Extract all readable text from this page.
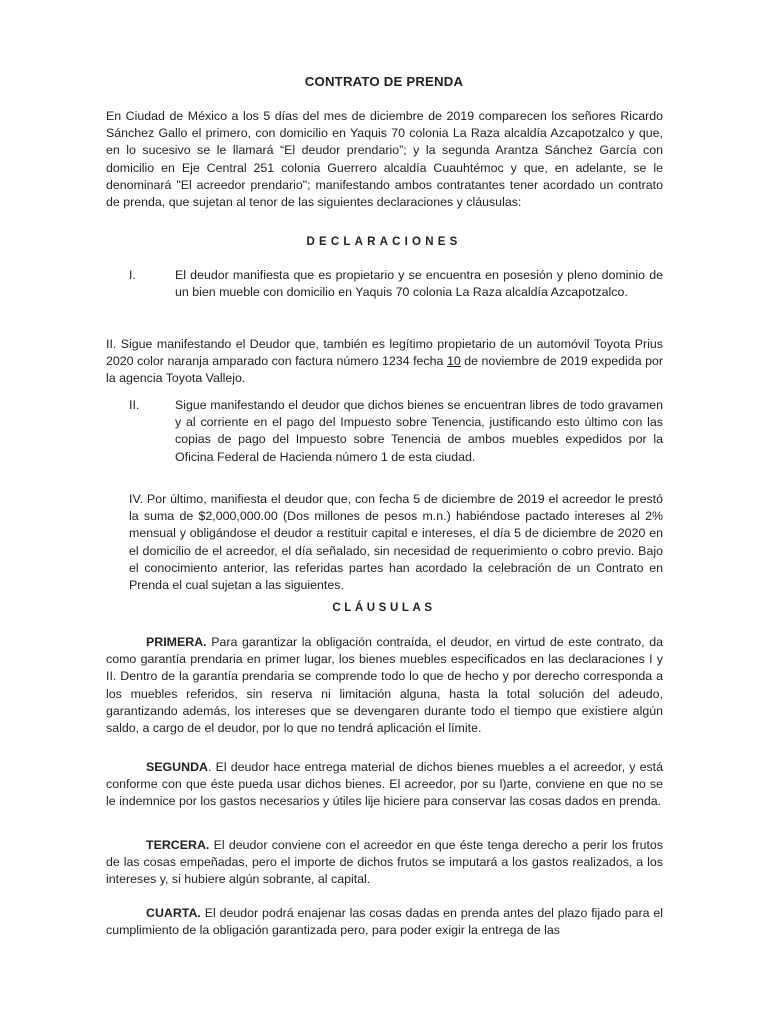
CONTRATO DE PRENDA
En Ciudad de México a los 5 días del mes de diciembre de 2019 comparecen los señores Ricardo Sánchez Gallo el primero, con domicilio en Yaquis 70 colonia La Raza alcaldía Azcapotzalco y que, en lo sucesivo se le llamará “El deudor prendario”; y la segunda Arantza Sánchez García con domicilio en Eje Central 251 colonia Guerrero alcaldía Cuauhtémoc y que, en adelante, se le denominará "El acreedor prendario"; manifestando ambos contratantes tener acordado un contrato de prenda, que sujetan al tenor de las siguientes declaraciones y cláusulas:
DECLARACIONES
I.	El deudor manifiesta que es propietario y se encuentra en posesión y pleno dominio de un bien mueble con domicilio en Yaquis 70 colonia La Raza alcaldía Azcapotzalco.
II. Sigue manifestando el Deudor que, también es legítimo propietario de un automóvil Toyota Prius 2020 color naranja amparado con factura número 1234 fecha 10 de noviembre de 2019 expedida por la agencia Toyota Vallejo.
II.	Sigue manifestando el deudor que dichos bienes se encuentran libres de todo gravamen y al corriente en el pago del Impuesto sobre Tenencia, justificando esto último con las copias de pago del Impuesto sobre Tenencia de ambos muebles expedidos por la Oficina Federal de Hacienda número 1 de esta ciudad.
IV. Por último, manifiesta el deudor que, con fecha 5 de diciembre de 2019 el acreedor le prestó la suma de $2,000,000.00 (Dos millones de pesos m.n.) habiéndose pactado intereses al 2% mensual y obligándose el deudor a restituir capital e intereses, el día 5 de diciembre de 2020 en el domicilio de el acreedor, el día señalado, sin necesidad de requerimiento o cobro previo. Bajo el conocimiento anterior, las referidas partes han acordado la celebración de un Contrato en Prenda el cual sujetan a las siguientes.
CLÁUSULAS
PRIMERA. Para garantizar la obligación contraída, el deudor, en virtud de este contrato, da como garantía prendaria en primer lugar, los bienes muebles especificados en las declaraciones I y II. Dentro de la garantía prendaria se comprende todo lo que de hecho y por derecho corresponda a los muebles referidos, sin reserva ni limitación alguna, hasta la total solución del adeudo, garantizando además, los intereses que se devengaren durante todo el tiempo que existiere algún saldo, a cargo de el deudor, por lo que no tendrá aplicación el límite.
SEGUNDA. El deudor hace entrega material de dichos bienes muebles a el acreedor, y está conforme con que éste pueda usar dichos bienes. El acreedor, por su l)arte, conviene en que no se le indemnice por los gastos necesarios y útiles lije hiciere para conservar las cosas dados en prenda.
TERCERA. El deudor conviene con el acreedor en que éste tenga derecho a perir los frutos de las cosas empeñadas, pero el importe de dichos frutos se imputará a los gastos realizados, a los intereses y, si hubiere algún sobrante, al capital.
CUARTA. El deudor podrá enajenar las cosas dadas en prenda antes del plazo fijado para el cumplimiento de la obligación garantizada pero, para poder exigir la entrega de las
